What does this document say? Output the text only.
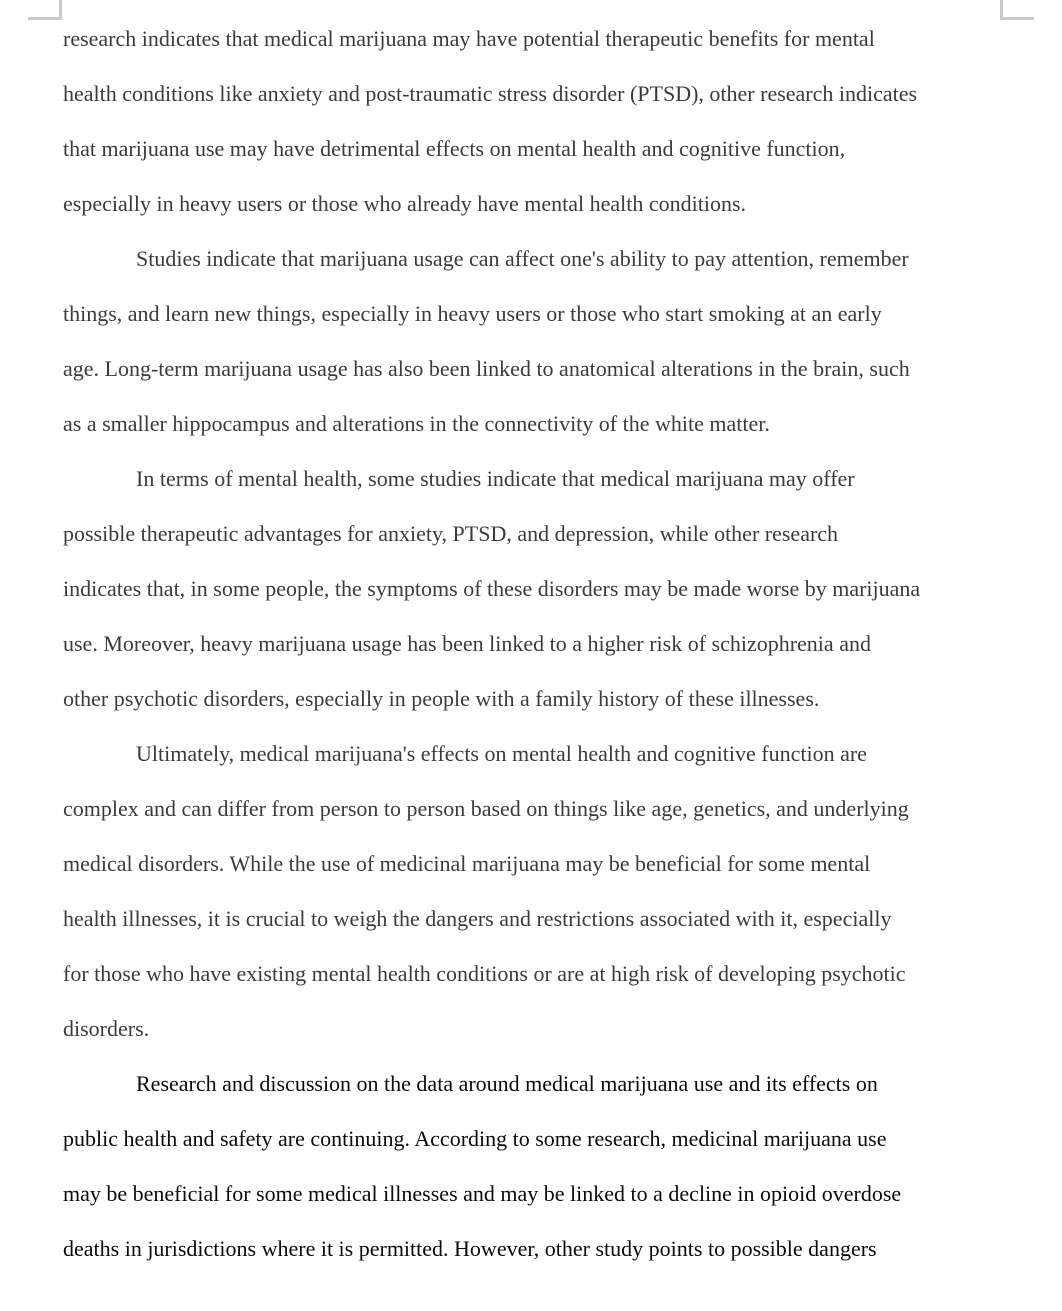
research indicates that medical marijuana may have potential therapeutic benefits for mental
health conditions like anxiety and post-traumatic stress disorder (PTSD), other research indicates
that marijuana use may have detrimental effects on mental health and cognitive function,
especially in heavy users or those who already have mental health conditions.

Studies indicate that marijuana usage can affect one's ability to pay attention, remember
things, and learn new things, especially in heavy users or those who start smoking at an early
age. Long-term marijuana usage has also been linked to anatomical alterations in the brain, such
as a smaller hippocampus and alterations in the connectivity of the white matter.

In terms of mental health, some studies indicate that medical marijuana may offer
possible therapeutic advantages for anxiety, PTSD, and depression, while other research
indicates that, in some people, the symptoms of these disorders may be made worse by marijuana
use. Moreover, heavy marijuana usage has been linked to a higher risk of schizophrenia and
other psychotic disorders, especially in people with a family history of these illnesses.

Ultimately, medical marijuana's effects on mental health and cognitive function are
complex and can differ from person to person based on things like age, genetics, and underlying
medical disorders. While the use of medicinal marijuana may be beneficial for some mental
health illnesses, it is crucial to weigh the dangers and restrictions associated with it, especially
for those who have existing mental health conditions or are at high risk of developing psychotic
disorders.

Research and discussion on the data around medical marijuana use and its effects on
public health and safety are continuing. According to some research, medicinal marijuana use
may be beneficial for some medical illnesses and may be linked to a decline in opioid overdose
deaths in jurisdictions where it is permitted. However, other study points to possible dangers
